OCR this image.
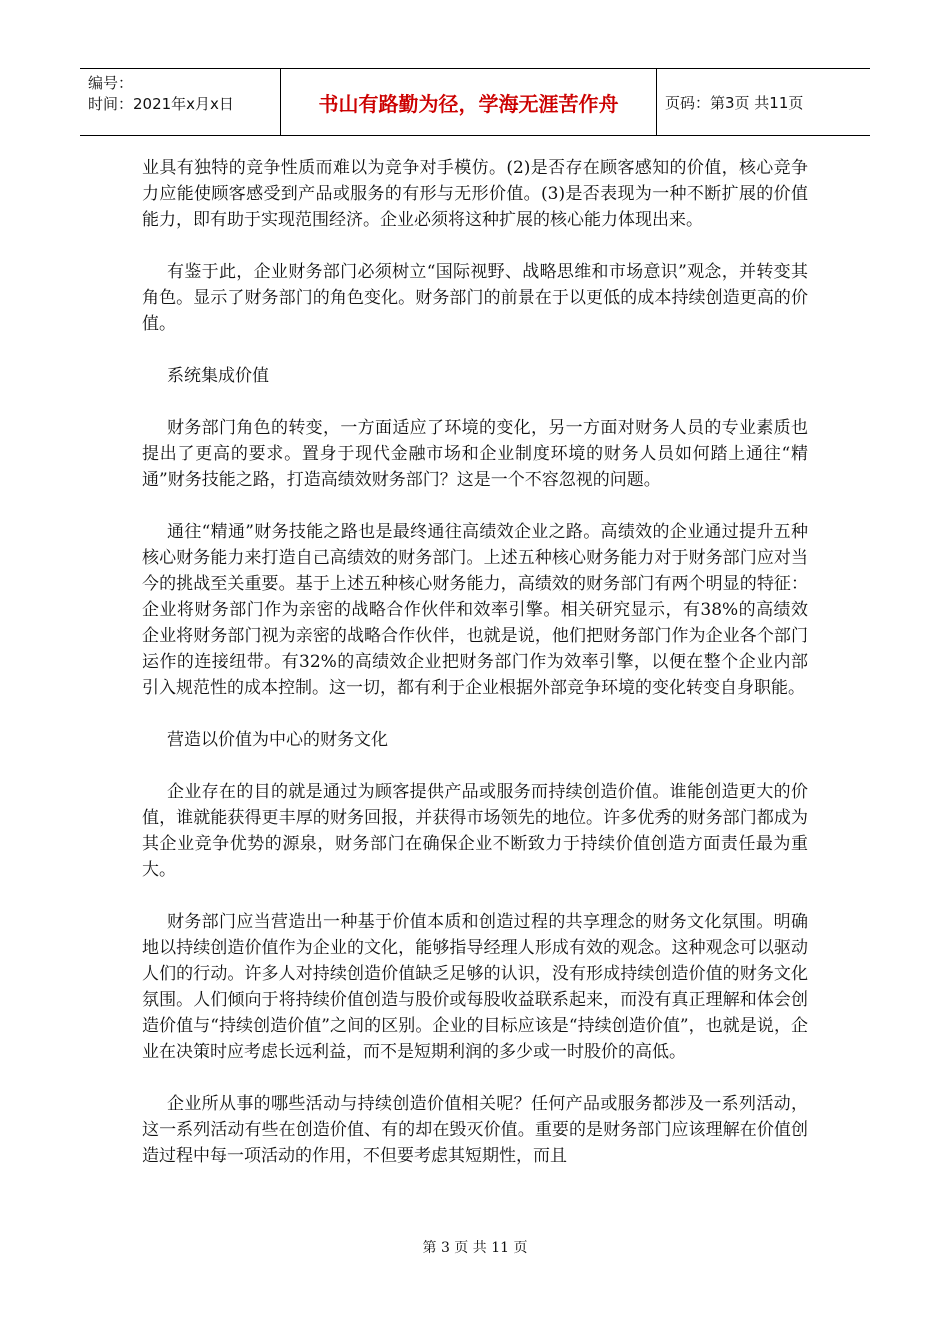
编号：
时间：2021年x月x日	书山有路勤为径，学海无涯苦作舟	页码：第3页 共11页

业具有独特的竞争性质而难以为竞争对手模仿。(2)是否存在顾客感知的价值，核心竞争力应能使顾客感受到产品或服务的有形与无形价值。(3)是否表现为一种不断扩展的价值能力，即有助于实现范围经济。企业必须将这种扩展的核心能力体现出来。

有鉴于此，企业财务部门必须树立“国际视野、战略思维和市场意识”观念，并转变其角色。显示了财务部门的角色变化。财务部门的前景在于以更低的成本持续创造更高的价值。

系统集成价值

财务部门角色的转变，一方面适应了环境的变化，另一方面对财务人员的专业素质也提出了更高的要求。置身于现代金融市场和企业制度环境的财务人员如何踏上通往“精通”财务技能之路，打造高绩效财务部门？这是一个不容忽视的问题。

通往“精通”财务技能之路也是最终通往高绩效企业之路。高绩效的企业通过提升五种核心财务能力来打造自己高绩效的财务部门。上述五种核心财务能力对于财务部门应对当今的挑战至关重要。基于上述五种核心财务能力，高绩效的财务部门有两个明显的特征：企业将财务部门作为亲密的战略合作伙伴和效率引擎。相关研究显示，有38%的高绩效企业将财务部门视为亲密的战略合作伙伴，也就是说，他们把财务部门作为企业各个部门运作的连接纽带。有32%的高绩效企业把财务部门作为效率引擎，以便在整个企业内部引入规范性的成本控制。这一切，都有利于企业根据外部竞争环境的变化转变自身职能。

营造以价值为中心的财务文化

企业存在的目的就是通过为顾客提供产品或服务而持续创造价值。谁能创造更大的价值，谁就能获得更丰厚的财务回报，并获得市场领先的地位。许多优秀的财务部门都成为其企业竞争优势的源泉，财务部门在确保企业不断致力于持续价值创造方面责任最为重大。

财务部门应当营造出一种基于价值本质和创造过程的共享理念的财务文化氛围。明确地以持续创造价值作为企业的文化，能够指导经理人形成有效的观念。这种观念可以驱动人们的行动。许多人对持续创造价值缺乏足够的认识，没有形成持续创造价值的财务文化氛围。人们倾向于将持续价值创造与股价或每股收益联系起来，而没有真正理解和体会创造价值与“持续创造价值”之间的区别。企业的目标应该是“持续创造价值”，也就是说，企业在决策时应考虑长远利益，而不是短期利润的多少或一时股价的高低。

企业所从事的哪些活动与持续创造价值相关呢？任何产品或服务都涉及一系列活动，这一系列活动有些在创造价值、有的却在毁灭价值。重要的是财务部门应该理解在价值创造过程中每一项活动的作用，不但要考虑其短期性，而且

第 3 页 共 11 页
